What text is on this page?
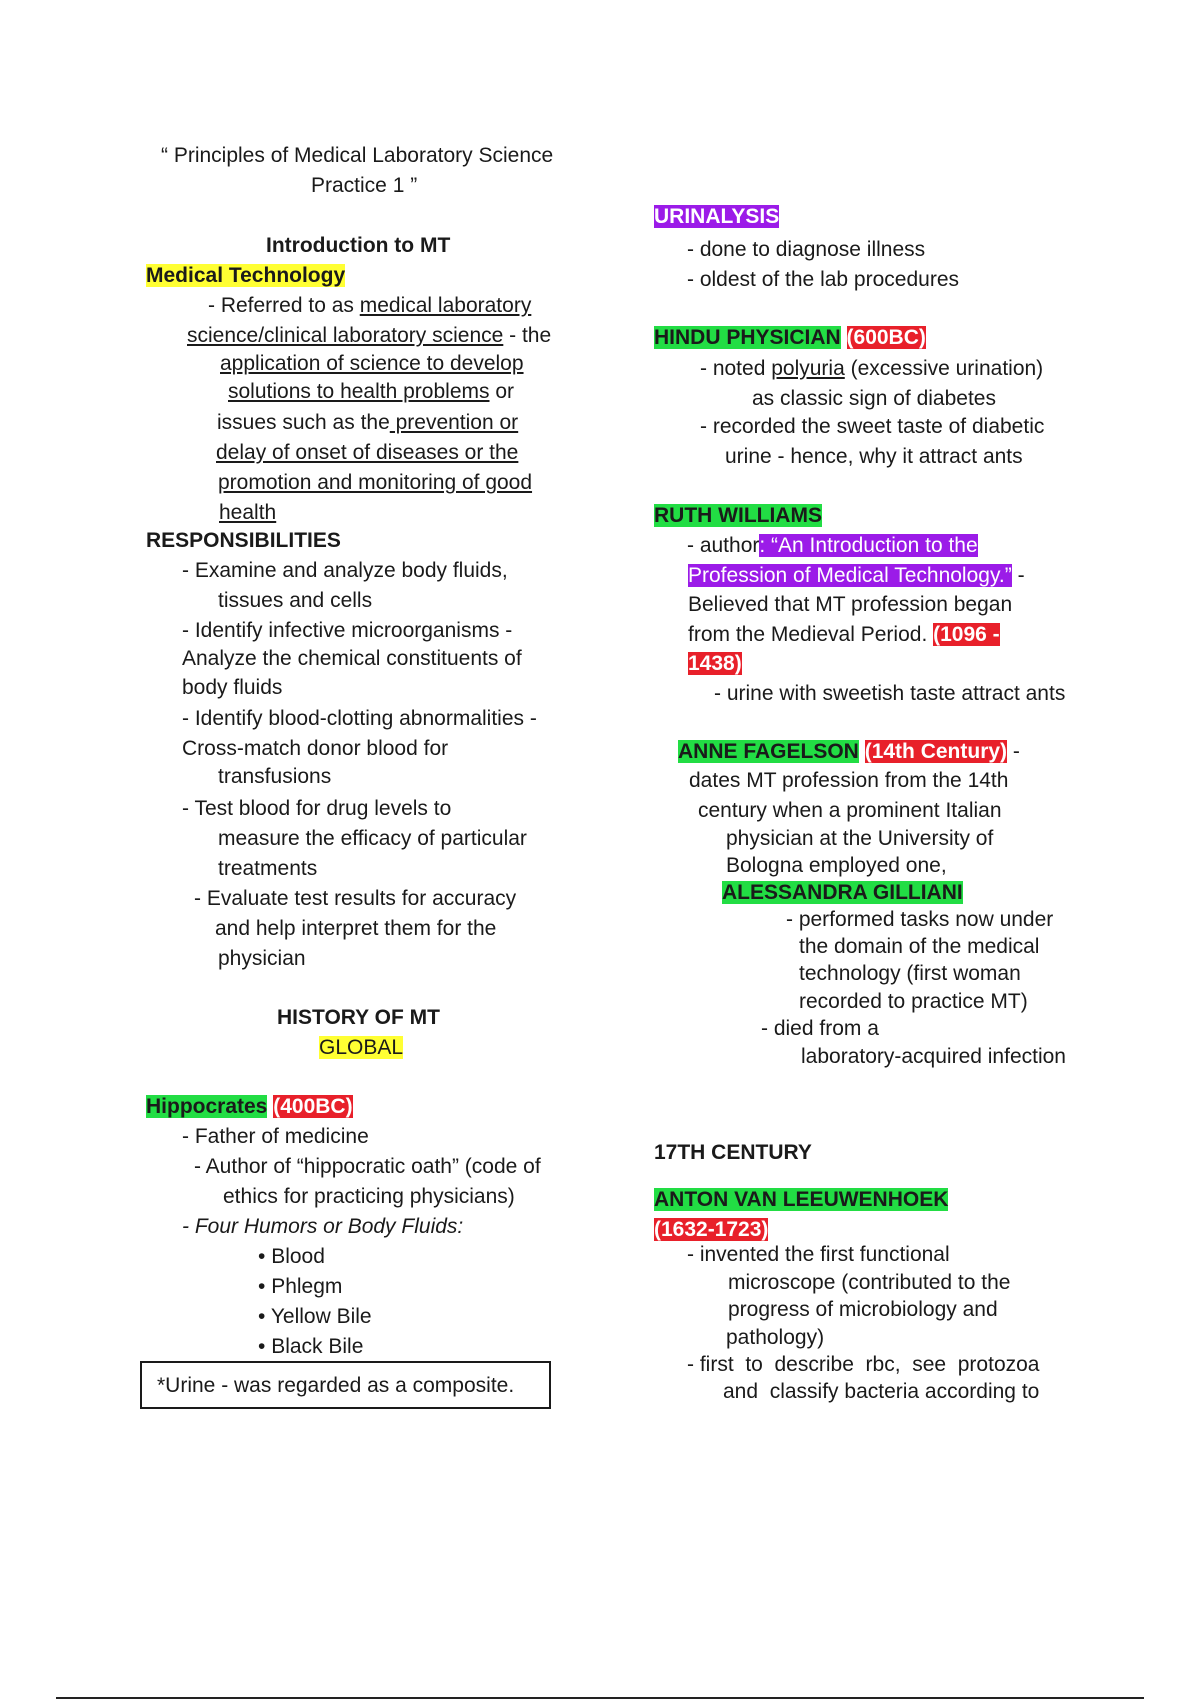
“ Principles of Medical Laboratory Science
Practice 1 ”
Introduction to MT
Medical Technology
- Referred to as medical laboratory
science/clinical laboratory science - the
application of science to develop
solutions to health problems or
issues such as the prevention or
delay of onset of diseases or the
promotion and monitoring of good
health
RESPONSIBILITIES
- Examine and analyze body fluids,
tissues and cells
- Identify infective microorganisms -
Analyze the chemical constituents of
body fluids
- Identify blood-clotting abnormalities -
Cross-match donor blood for
transfusions
- Test blood for drug levels to
measure the efficacy of particular
treatments
- Evaluate test results for accuracy
and help interpret them for the
physician
HISTORY OF MT
GLOBAL
Hippocrates (400BC)
- Father of medicine
- Author of “hippocratic oath” (code of
ethics for practicing physicians)
- Four Humors or Body Fluids:
• Blood
• Phlegm
• Yellow Bile
• Black Bile
*Urine - was regarded as a composite.
URINALYSIS
- done to diagnose illness
- oldest of the lab procedures
HINDU PHYSICIAN (600BC)
- noted polyuria (excessive urination)
as classic sign of diabetes
- recorded the sweet taste of diabetic
urine - hence, why it attract ants
RUTH WILLIAMS
- author: “An Introduction to the
Profession of Medical Technology.” -
Believed that MT profession began
from the Medieval Period. (1096 -
1438)
- urine with sweetish taste attract ants
ANNE FAGELSON (14th Century) -
dates MT profession from the 14th
century when a prominent Italian
physician at the University of
Bologna employed one,
ALESSANDRA GILLIANI
- performed tasks now under
the domain of the medical
technology (first woman
recorded to practice MT)
- died from a
laboratory-acquired infection
17TH CENTURY
ANTON VAN LEEUWENHOEK
(1632-1723)
- invented the first functional
microscope (contributed to the
progress of microbiology and
pathology)
- first  to  describe  rbc,  see  protozoa
and  classify bacteria according to
